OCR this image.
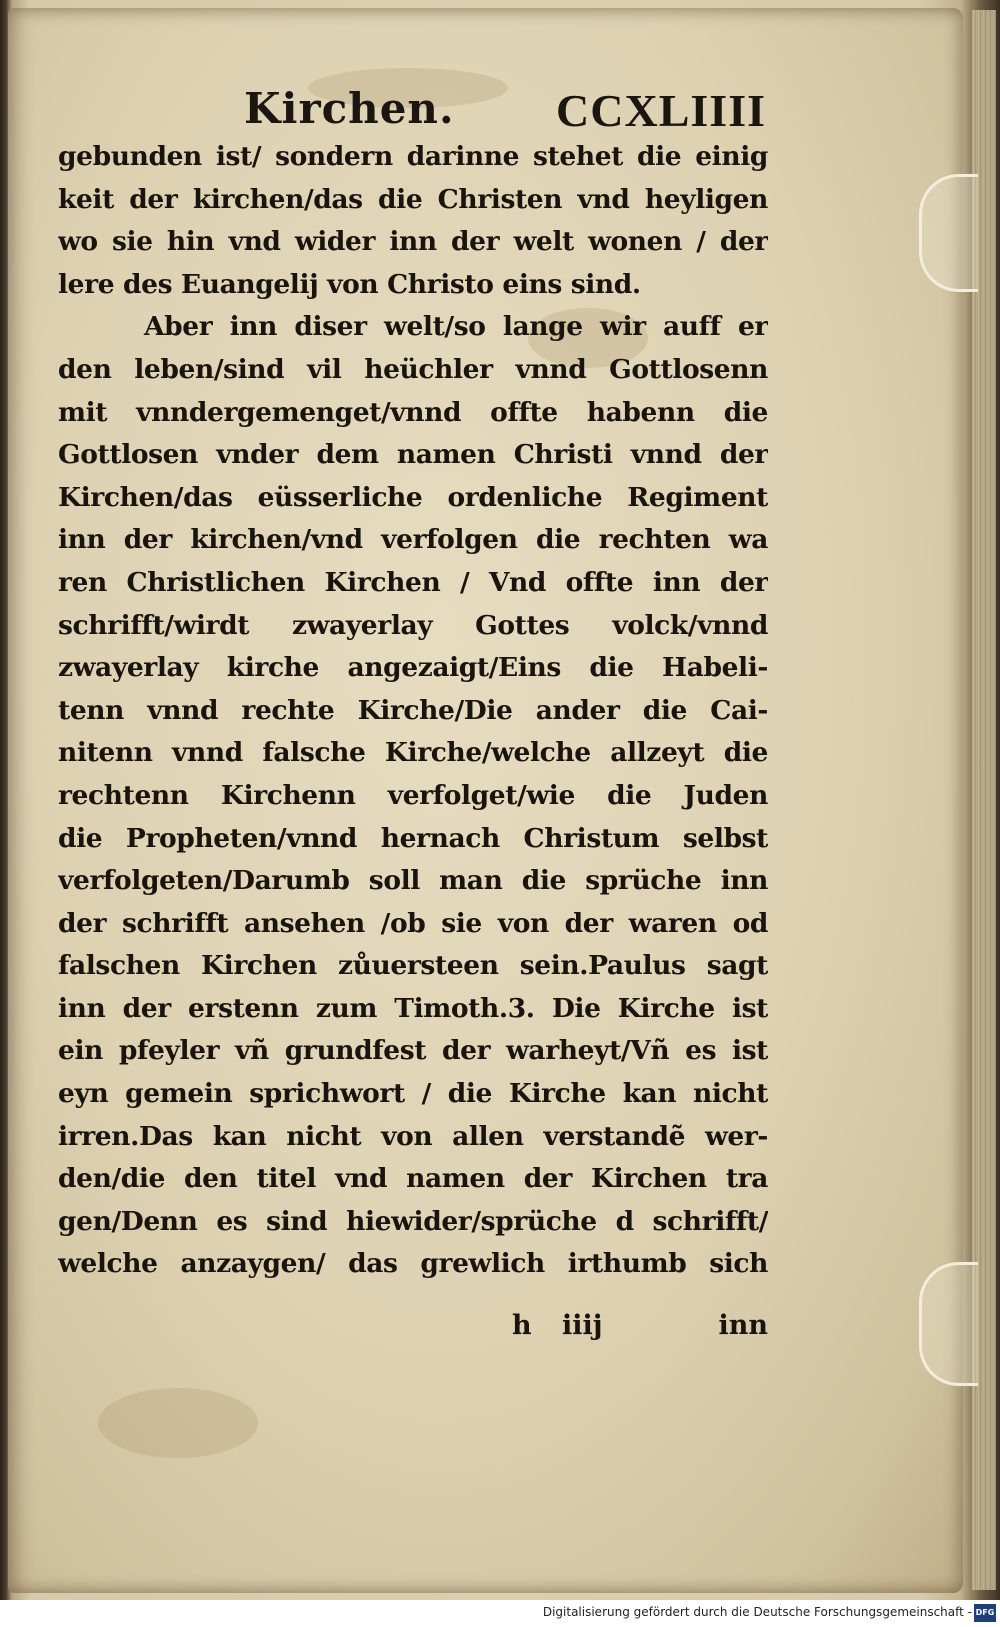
Kirchen. CCXLIIII
gebunden ist/ sondern darinne stehet die einig
keit der kirchen/das die Christen vnd heyligen
wo sie hin vnd wider inn der welt wonen / der
lere des Euangelij von Christo eins sind.
Aber inn diser welt/so lange wir auff er
den leben/sind vil heüchler vnnd Gottlosenn
mit vnndergemenget/vnnd offte habenn die
Gottlosen vnder dem namen Christi vnnd der
Kirchen/das eüsserliche ordenliche Regiment
inn der kirchen/vnd verfolgen die rechten wa
ren Christlichen Kirchen / Vnd offte inn der
schrifft/wirdt zwayerlay Gottes volck/vnnd
zwayerlay kirche angezaigt/Eins die Habeli-
tenn vnnd rechte Kirche/Die ander die Cai-
nitenn vnnd falsche Kirche/welche allzeyt die
rechtenn Kirchenn verfolget/wie die Juden
die Propheten/vnnd hernach Christum selbst
verfolgeten/Darumb soll man die sprüche inn
der schrifft ansehen /ob sie von der waren od
falschen Kirchen zůuersteen sein.Paulus sagt
inn der erstenn zum Timoth.3. Die Kirche ist
ein pfeyler vñ grundfest der warheyt/Vñ es ist
eyn gemein sprichwort / die Kirche kan nicht
irren.Das kan nicht von allen verstandẽ wer-
den/die den titel vnd namen der Kirchen tra
gen/Denn es sind hiewider/sprüche d schrifft/
welche anzaygen/ das grewlich irthumb sich
h iiij	inn
Digitalisierung gefördert durch die Deutsche Forschungsgemeinschaft - DFG
